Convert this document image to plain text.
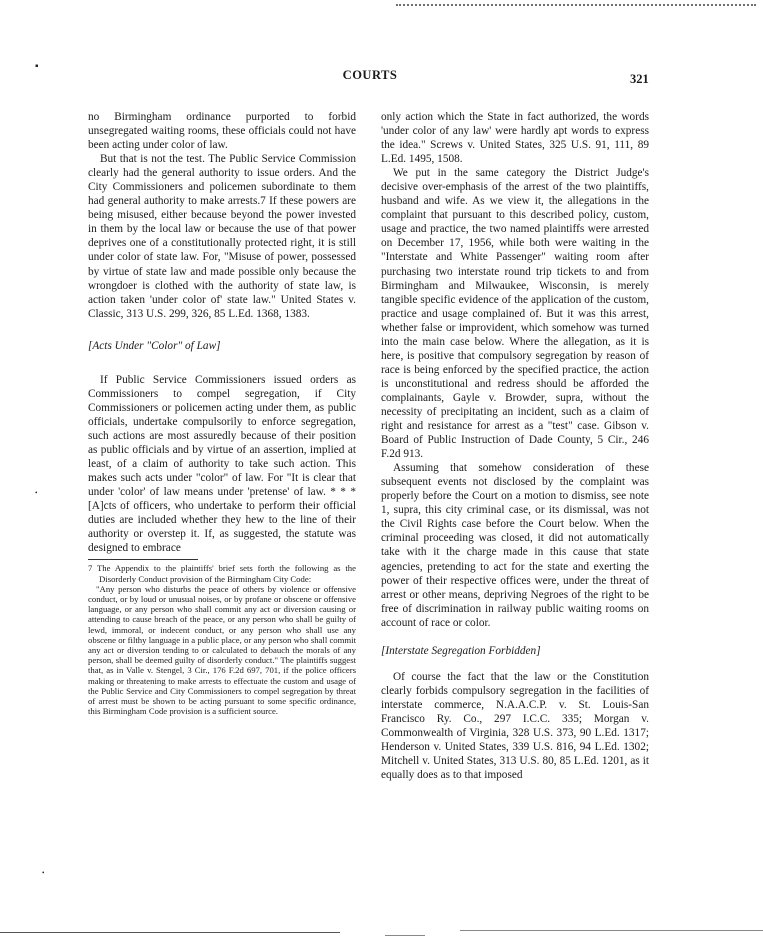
▪
•
•
COURTS	321

no Birmingham ordinance purported to forbid unsegregated waiting rooms, these officials could not have been acting under color of law.

But that is not the test. The Public Service Commission clearly had the general authority to issue orders. And the City Commissioners and policemen subordinate to them had general authority to make arrests.7 If these powers are being misused, either because beyond the power invested in them by the local law or because the use of that power deprives one of a constitutionally protected right, it is still under color of state law. For, "Misuse of power, possessed by virtue of state law and made possible only because the wrongdoer is clothed with the authority of state law, is action taken 'under color of' state law." United States v. Classic, 313 U.S. 299, 326, 85 L.Ed. 1368, 1383.

[Acts Under "Color" of Law]

If Public Service Commissioners issued orders as Commissioners to compel segregation, if City Commissioners or policemen acting under them, as public officials, undertake compulsorily to enforce segregation, such actions are most assuredly because of their position as public officials and by virtue of an assertion, implied at least, of a claim of authority to take such action. This makes such acts under "color" of law. For "It is clear that under 'color' of law means under 'pretense' of law. * * * [A]cts of officers, who undertake to perform their official duties are included whether they hew to the line of their authority or overstep it. If, as suggested, the statute was designed to embrace

7 The Appendix to the plaintiffs' brief sets forth the following as the Disorderly Conduct provision of the Birmingham City Code:

"Any person who disturbs the peace of others by violence or offensive conduct, or by loud or unusual noises, or by profane or obscene or offensive language, or any person who shall commit any act or diversion causing or attending to cause breach of the peace, or any person who shall be guilty of lewd, immoral, or indecent conduct, or any person who shall use any obscene or filthy language in a public place, or any person who shall commit any act or diversion tending to or calculated to debauch the morals of any person, shall be deemed guilty of disorderly conduct." The plaintiffs suggest that, as in Valle v. Stengel, 3 Cir., 176 F.2d 697, 701, if the police officers making or threatening to make arrests to effectuate the custom and usage of the Public Service and City Commissioners to compel segregation by threat of arrest must be shown to be acting pursuant to some specific ordinance, this Birmingham Code provision is a sufficient source.

only action which the State in fact authorized, the words 'under color of any law' were hardly apt words to express the idea." Screws v. United States, 325 U.S. 91, 111, 89 L.Ed. 1495, 1508.

We put in the same category the District Judge's decisive over-emphasis of the arrest of the two plaintiffs, husband and wife. As we view it, the allegations in the complaint that pursuant to this described policy, custom, usage and practice, the two named plaintiffs were arrested on December 17, 1956, while both were waiting in the "Interstate and White Passenger" waiting room after purchasing two interstate round trip tickets to and from Birmingham and Milwaukee, Wisconsin, is merely tangible specific evidence of the application of the custom, practice and usage complained of. But it was this arrest, whether false or improvident, which somehow was turned into the main case below. Where the allegation, as it is here, is positive that compulsory segregation by reason of race is being enforced by the specified practice, the action is unconstitutional and redress should be afforded the complainants, Gayle v. Browder, supra, without the necessity of precipitating an incident, such as a claim of right and resistance for arrest as a "test" case. Gibson v. Board of Public Instruction of Dade County, 5 Cir., 246 F.2d 913.

Assuming that somehow consideration of these subsequent events not disclosed by the complaint was properly before the Court on a motion to dismiss, see note 1, supra, this city criminal case, or its dismissal, was not the Civil Rights case before the Court below. When the criminal proceeding was closed, it did not automatically take with it the charge made in this cause that state agencies, pretending to act for the state and exerting the power of their respective offices were, under the threat of arrest or other means, depriving Negroes of the right to be free of discrimination in railway public waiting rooms on account of race or color.

[Interstate Segregation Forbidden]

Of course the fact that the law or the Constitution clearly forbids compulsory segregation in the facilities of interstate commerce, N.A.A.C.P. v. St. Louis-San Francisco Ry. Co., 297 I.C.C. 335; Morgan v. Commonwealth of Virginia, 328 U.S. 373, 90 L.Ed. 1317; Henderson v. United States, 339 U.S. 816, 94 L.Ed. 1302; Mitchell v. United States, 313 U.S. 80, 85 L.Ed. 1201, as it equally does as to that imposed
